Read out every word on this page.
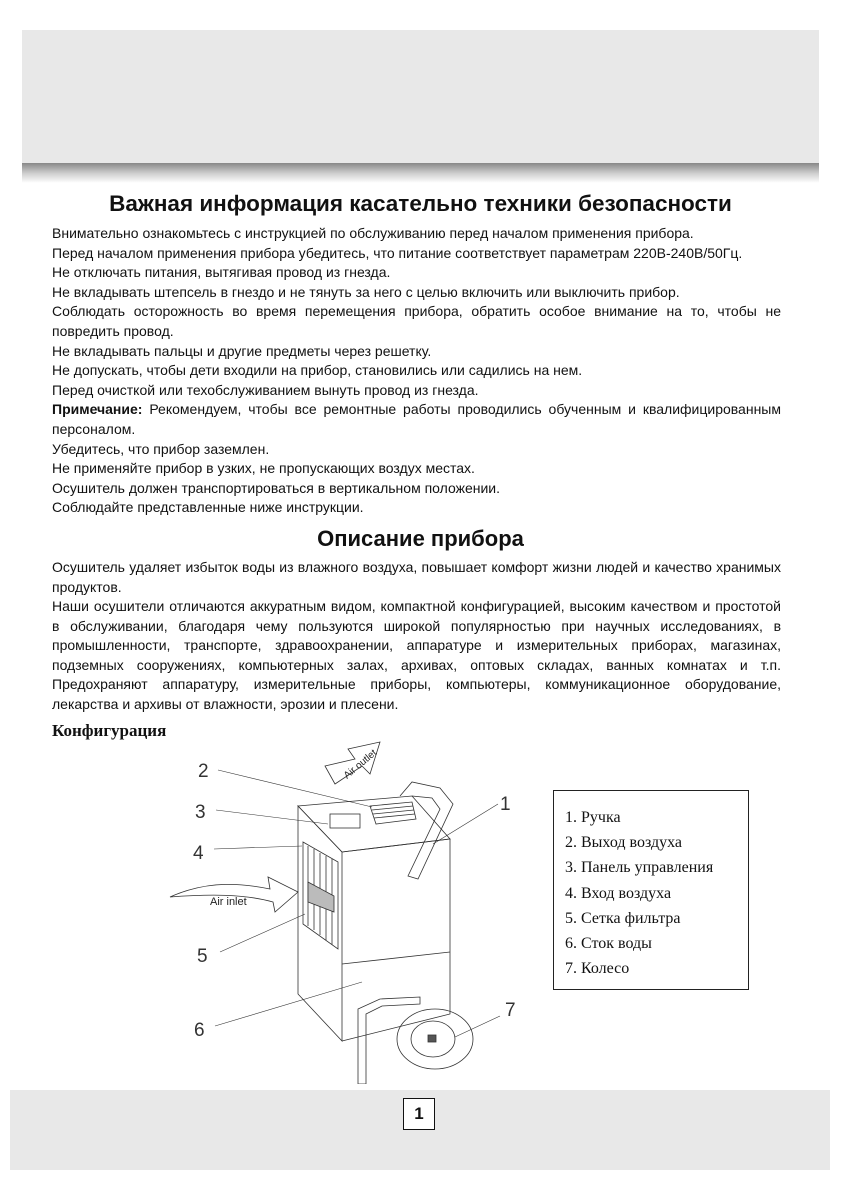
Важная информация касательно техники безопасности

Внимательно ознакомьтесь с инструкцией по обслуживанию перед началом применения прибора.

Перед началом применения прибора убедитесь, что питание соответствует параметрам 220В-240В/50Гц.

Не отключать питания, вытягивая провод из гнезда.

Не вкладывать штепсель в гнездо и не тянуть за него с целью включить или выключить прибор.

Соблюдать осторожность во время перемещения прибора, обратить особое внимание на то, чтобы не повредить провод.

Не вкладывать пальцы и другие предметы через решетку.

Не допускать, чтобы дети входили на прибор, становились или садились на нем.

Перед очисткой или техобслуживанием вынуть провод из гнезда.

Примечание: Рекомендуем, чтобы все ремонтные работы проводились обученным и квалифицированным персоналом.

Убедитесь, что прибор заземлен.

Не применяйте прибор в узких, не пропускающих воздух местах.

Осушитель должен транспортироваться в вертикальном положении.

Соблюдайте представленные ниже инструкции.

Описание прибора

Осушитель удаляет избыток воды из влажного воздуха, повышает комфорт жизни людей и качество хранимых продуктов.

Наши осушители отличаются аккуратным видом, компактной конфигурацией, высоким качеством и простотой в обслуживании, благодаря чему пользуются широкой популярностью при научных исследованиях, в промышленности, транспорте, здравоохранении, аппаратуре и измерительных приборах, магазинах, подземных сооружениях, компьютерных залах, архивах, оптовых складах, ванных комнатах и т.п. Предохраняют аппаратуру, измерительные приборы, компьютеры, коммуникационное оборудование, лекарства и архивы от влажности, эрозии и плесени.

Конфигурация
Air outlet
Air inlet
1
2
3
4
5
6
7
1. Ручка
2. Выход воздуха
3. Панель управления
4. Вход воздуха
5. Сетка фильтра
6. Сток воды
7. Колесо
1
